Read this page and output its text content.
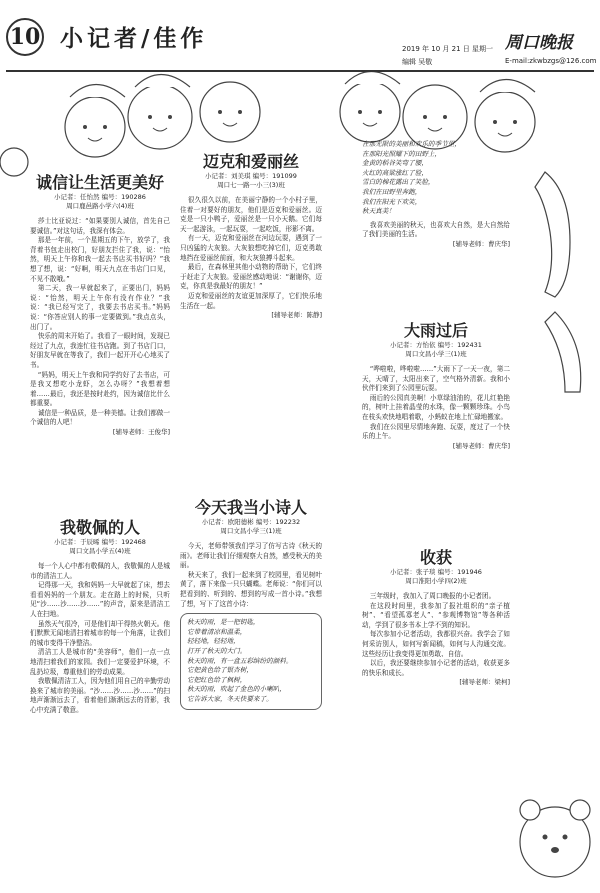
10 小记者/佳作	2019 年 10 月 21 日 星期一
编辑 吴敬
周口晚报
E-mail:zkwbzgs@126.com
诚信让生活更美好
小记者：任怡然 编号：190286
周口鹿邑路小学六(4)班

莎士比亚说过：“如果要别人诚信，首先自己要诚信。”对这句话，我深有体会。

那是一年前，一个星期五的下午，放学了，我背着书包走出校门，好朋友拦住了我，说：“怡然，明天上午你和我一起去书店买书好吗？”我想了想，说：“好啊，明天九点在书店门口见，不见不散哦。”

第二天，我一早就起来了，正要出门，妈妈说：“怡然，明天上午你有没有作业？”我说：“我已经写完了，我要去书店买书。”妈妈说：“你答应别人的事一定要做到。”我点点头，出门了。

快乐的周末开始了。我看了一眼时间，发现已经过了九点，我连忙往书店跑。到了书店门口，好朋友早就在等我了，我们一起开开心心地买了书。

“妈妈，明天上午我和同学约好了去书店，可是我又想吃小龙虾，怎么办呀？”我想着想着……最后，我还是按时赴约，因为诚信比什么都重要。

诚信是一种品质，是一种美德。让我们都做一个诚信的人吧！

[辅导老师：王俊华]
我敬佩的人
小记者：于辰晞 编号：192468
周口文昌小学五(4)班

每一个人心中都有敬佩的人，我敬佩的人是城市的清洁工人。

记得那一天，我和妈妈一大早就起了床，想去看看妈妈的一个朋友。走在路上的时候，只听见“沙……沙……沙……”的声音，原来是清洁工人在扫地。

虽然天气很冷，可是他们却干得热火朝天。他们默默无闻地清扫着城市的每一个角落，让我们的城市变得干净整洁。

清洁工人是城市的“美容师”，他们一点一点地清扫着我们的家园。我们一定要爱护环境，不乱扔垃圾，尊重他们的劳动成果。

我敬佩清洁工人，因为他们用自己的辛勤劳动换来了城市的美丽。“沙……沙……沙……”的扫地声渐渐远去了，看着他们渐渐远去的背影，我心中充满了敬意。

迈克和爱丽丝
小记者：刘美琪 编号：191099
周口七一路一小三(3)班

很久很久以前，在美丽宁静的一个小村子里，住着一对要好的朋友，他们是迈克和爱丽丝。迈克是一只小鸭子，爱丽丝是一只小天鹅。它们每天一起游泳，一起玩耍，一起吃饭，形影不离。

有一天，迈克和爱丽丝在河边玩耍，遇到了一只凶猛的大灰狼。大灰狼想吃掉它们，迈克勇敢地挡在爱丽丝前面，和大灰狼搏斗起来。

最后，在森林里其他小动物的帮助下，它们终于赶走了大灰狼。爱丽丝感动地说：“谢谢你，迈克，你真是我最好的朋友！”

迈克和爱丽丝的友谊更加深厚了，它们快乐地生活在一起。

[辅导老师：陈静]
今天我当小诗人
小记者：欧阳德彬 编号：192232
周口文昌小学三(1)班

今天，老师带领我们学习了仿写古诗《秋天的雨》。老师让我们仔细观察大自然，感受秋天的美丽。

秋天来了，我们一起来到了校园里，看见树叶黄了，落下来像一只只蝴蝶。老师说：“你们可以把看到的、听到的、想到的写成一首小诗。”我想了想，写下了这首小诗：

秋天的雨，是一把钥匙，
它带着清凉和温柔，
轻轻地，轻轻地，
打开了秋天的大门。
秋天的雨，有一盒五彩缤纷的颜料。
它把黄色给了银杏树，
它把红色给了枫树，
秋天的雨，吹起了金色的小喇叭，
它告诉大家，冬天快要来了。
在那无限的美丽和欢乐的季节里，
在那阳光照耀下的田野上，
金黄的稻谷笑弯了腰，
火红的高粱涨红了脸，
雪白的棉花露出了笑脸，
我们在田野里奔跑，
我们在阳光下欢笑，
秋天真美！
我喜欢美丽的秋天，也喜欢大自然，是大自然给了我们美丽的生活。
[辅导老师：曹庆华]
大雨过后
小记者：方怡依 编号：192431
周口文昌小学三(1)班

“哗啦啦，哗啦啦……”大雨下了一天一夜，第二天，天晴了，太阳出来了，空气格外清新。我和小伙伴们来到了公园里玩耍。

雨后的公园真美啊！小草绿油油的，花儿红艳艳的，树叶上挂着晶莹的水珠，像一颗颗珍珠。小鸟在枝头欢快地唱着歌，小蚂蚁在地上忙碌地搬家。

我们在公园里尽情地奔跑、玩耍，度过了一个快乐的上午。

[辅导老师：曹庆华]
收获
小记者：张子琰 编号：191946
周口淮阳小学四(2)班

三年级时，我加入了周口晚报的小记者团。

在这段时间里，我参加了报社组织的“亲子植树”、“看望孤寡老人”、“参观博物馆”等各种活动，学到了很多书本上学不到的知识。

每次参加小记者活动，我都很兴奋。我学会了如何采访别人，如何写新闻稿，如何与人沟通交流。这些经历让我变得更加勇敢、自信。

以后，我还要继续参加小记者的活动，收获更多的快乐和成长。

[辅导老师：梁柯]
